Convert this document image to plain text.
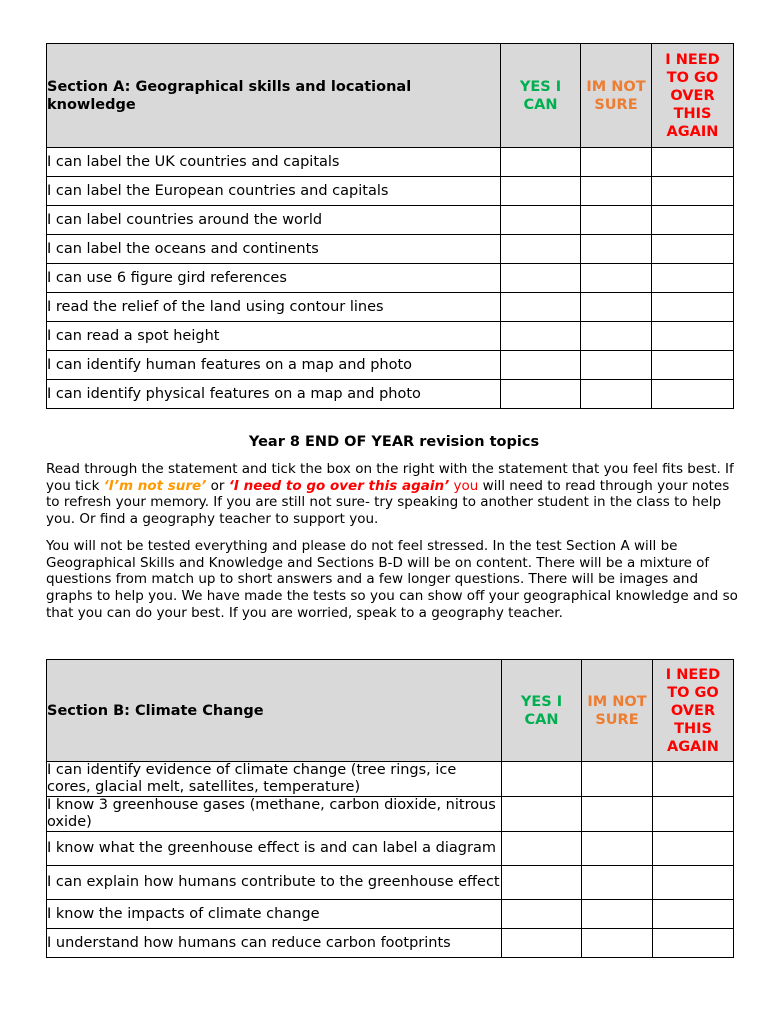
Section A: Geographical skills and locational knowledge	YES I CAN	IM NOT SURE	I NEED TO GO OVER THIS AGAIN
I can label the UK countries and capitals			
I can label the European countries and capitals			
I can label countries around the world			
I can label the oceans and continents			
I can use 6 figure gird references			
I read the relief of the land using contour lines			
I can read a spot height			
I can identify human features on a map and photo			
I can identify physical features on a map and photo			
Year 8 END OF YEAR revision topics

Read through the statement and tick the box on the right with the statement that you feel fits best. If you tick ‘I’m not sure’ or ‘I need to go over this again’ you will need to read through your notes to refresh your memory. If you are still not sure- try speaking to another student in the class to help you. Or find a geography teacher to support you.

You will not be tested everything and please do not feel stressed. In the test Section A will be Geographical Skills and Knowledge and Sections B-D will be on content. There will be a mixture of questions from match up to short answers and a few longer questions. There will be images and graphs to help you. We have made the tests so you can show off your geographical knowledge and so that you can do your best. If you are worried, speak to a geography teacher.

Section B: Climate Change	YES I CAN	IM NOT SURE	I NEED TO GO OVER THIS AGAIN
I can identify evidence of climate change (tree rings, ice cores, glacial melt, satellites, temperature)			
I know 3 greenhouse gases (methane, carbon dioxide, nitrous oxide)			
I know what the greenhouse effect is and can label a diagram			
I can explain how humans contribute to the greenhouse effect			
I know the impacts of climate change			
I understand how humans can reduce carbon footprints			
